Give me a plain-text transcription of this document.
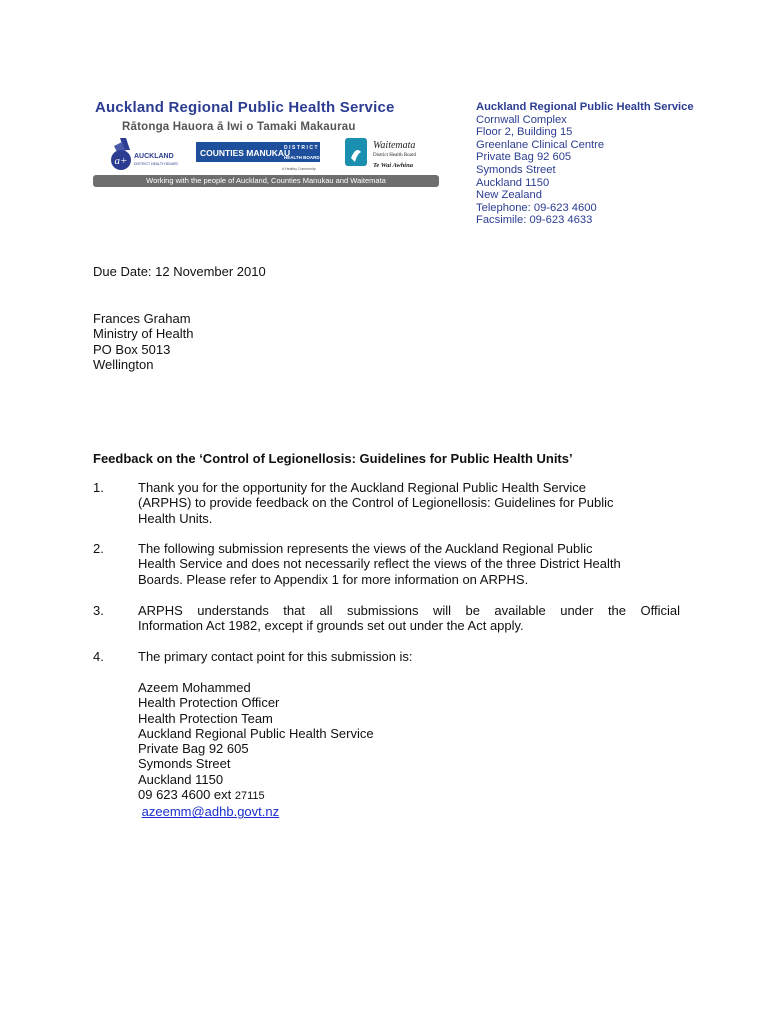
Auckland Regional Public Health Service
Rātonga Hauora ā Iwi o Tamaki Makaurau
a+ AUCKLAND
DISTRICT HEALTH BOARD
COUNTIES MANUKAU
DISTRICT
HEALTH BOARD
A Healthy Community
Waitemata
District Health Board
Te Wai Awhina
Working with the people of Auckland, Counties Manukau and Waitemata
Auckland Regional Public Health Service
Cornwall Complex
Floor 2, Building 15
Greenlane Clinical Centre
Private Bag 92 605
Symonds Street
Auckland 1150
New Zealand
Telephone: 09-623 4600
Facsimile: 09-623 4633
Due Date: 12 November 2010
Frances Graham
Ministry of Health
PO Box 5013
Wellington
Feedback on the ‘Control of Legionellosis: Guidelines for Public Health Units’
1.	Thank you for the opportunity for the Auckland Regional Public Health Service
(ARPHS) to provide feedback on the Control of Legionellosis: Guidelines for Public
Health Units.
2.	The following submission represents the views of the Auckland Regional Public
Health Service and does not necessarily reflect the views of the three District Health
Boards. Please refer to Appendix 1 for more information on ARPHS.
3.	ARPHS understands that all submissions will be available under the Official
Information Act 1982, except if grounds set out under the Act apply.
4.	The primary contact point for this submission is:
Azeem Mohammed
Health Protection Officer
Health Protection Team
Auckland Regional Public Health Service
Private Bag 92 605
Symonds Street
Auckland 1150
09 623 4600 ext 27115
azeemm@adhb.govt.nz
